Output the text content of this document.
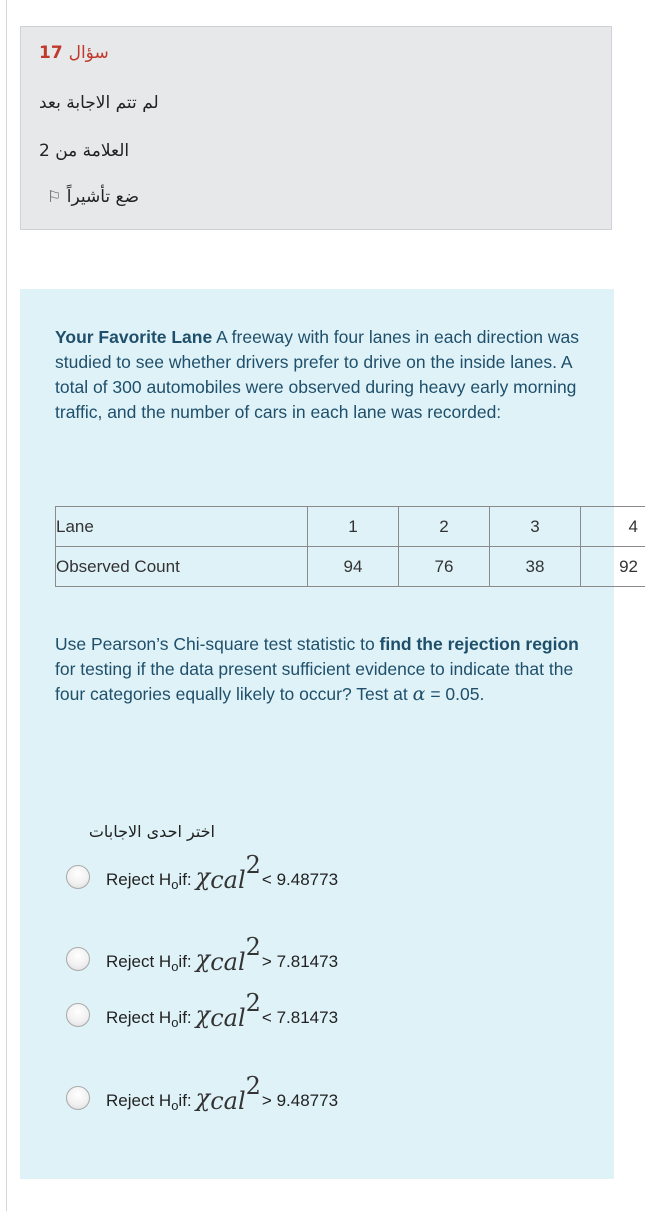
سؤال 17
لم تتم الاجابة بعد
العلامة من 2
ضع تأشيراً ⚐
Your Favorite Lane A freeway with four lanes in each direction was studied to see whether drivers prefer to drive on the inside lanes. A total of 300 automobiles were observed during heavy early morning traffic, and the number of cars in each lane was recorded:
Lane	1	2	3	4
Observed Count	94	76	38	92
Use Pearson’s Chi-square test statistic to find the rejection region for testing if the data present sufficient evidence to indicate that the four categories equally likely to occur? Test at α = 0.05.
اختر احدى الاجابات
Reject H o if: χ cal
2
< 9.48773
Reject H o if: χ cal
2
> 7.81473
Reject H o if: χ cal
2
< 7.81473
Reject H o if: χ cal
2
> 9.48773
